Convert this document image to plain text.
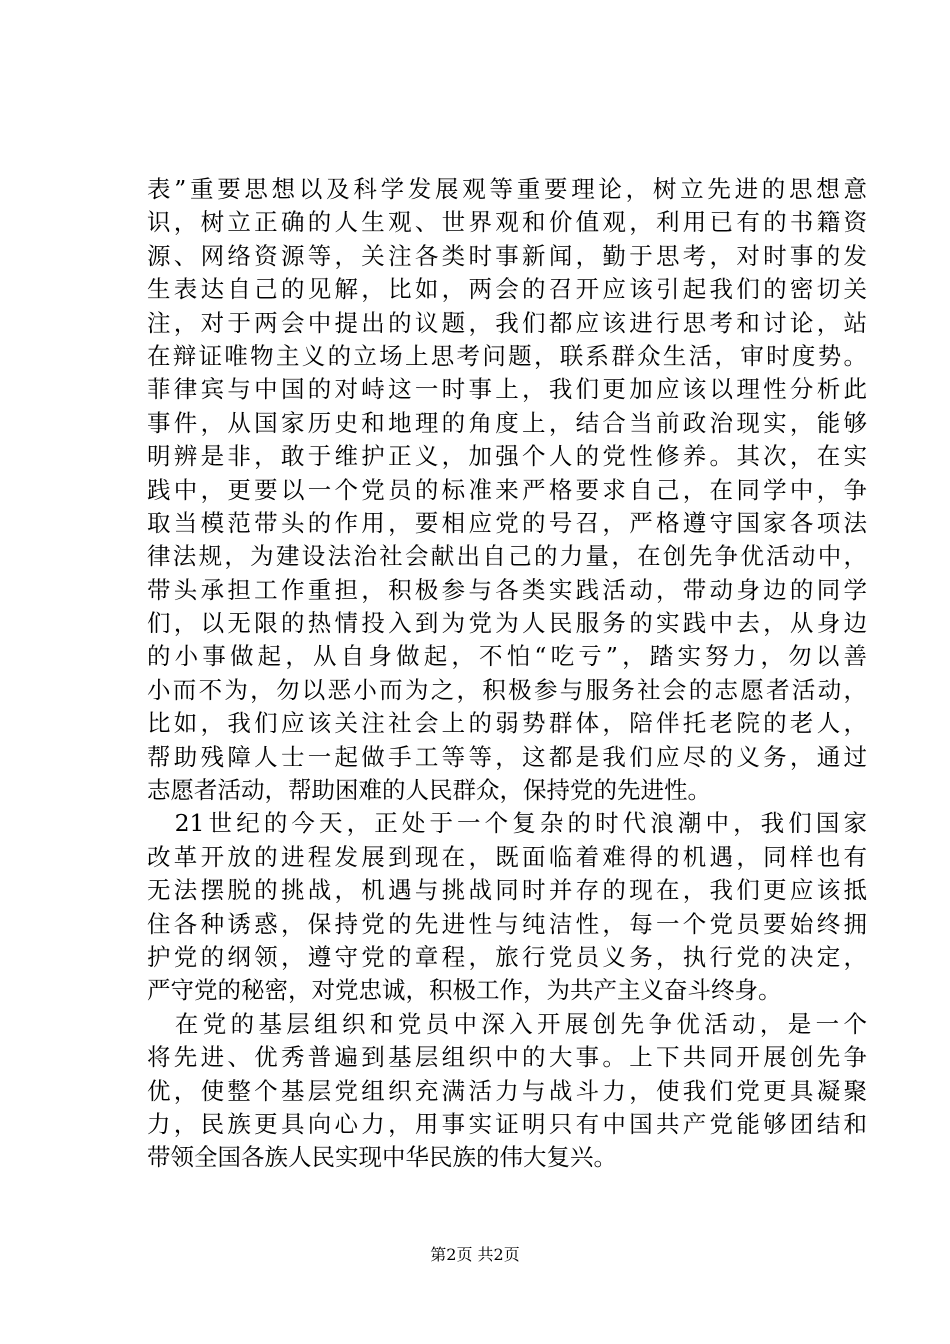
表”重要思想以及科学发展观等重要理论，树立先进的思想意
识，树立正确的人生观、世界观和价值观，利用已有的书籍资
源、网络资源等，关注各类时事新闻，勤于思考，对时事的发
生表达自己的见解，比如，两会的召开应该引起我们的密切关
注，对于两会中提出的议题，我们都应该进行思考和讨论，站
在辩证唯物主义的立场上思考问题，联系群众生活，审时度势。
菲律宾与中国的对峙这一时事上，我们更加应该以理性分析此
事件，从国家历史和地理的角度上，结合当前政治现实，能够
明辨是非，敢于维护正义，加强个人的党性修养。其次，在实
践中，更要以一个党员的标准来严格要求自己，在同学中，争
取当模范带头的作用，要相应党的号召，严格遵守国家各项法
律法规，为建设法治社会献出自己的力量，在创先争优活动中，
带头承担工作重担，积极参与各类实践活动，带动身边的同学
们，以无限的热情投入到为党为人民服务的实践中去，从身边
的小事做起，从自身做起，不怕“吃亏”，踏实努力，勿以善
小而不为，勿以恶小而为之，积极参与服务社会的志愿者活动，
比如，我们应该关注社会上的弱势群体，陪伴托老院的老人，
帮助残障人士一起做手工等等，这都是我们应尽的义务，通过
志愿者活动，帮助困难的人民群众，保持党的先进性。
　21世纪的今天，正处于一个复杂的时代浪潮中，我们国家
改革开放的进程发展到现在，既面临着难得的机遇，同样也有
无法摆脱的挑战，机遇与挑战同时并存的现在，我们更应该抵
住各种诱惑，保持党的先进性与纯洁性，每一个党员要始终拥
护党的纲领，遵守党的章程，旅行党员义务，执行党的决定，
严守党的秘密，对党忠诚，积极工作，为共产主义奋斗终身。
　在党的基层组织和党员中深入开展创先争优活动，是一个
将先进、优秀普遍到基层组织中的大事。上下共同开展创先争
优，使整个基层党组织充满活力与战斗力，使我们党更具凝聚
力，民族更具向心力，用事实证明只有中国共产党能够团结和
带领全国各族人民实现中华民族的伟大复兴。
第2页 共2页
